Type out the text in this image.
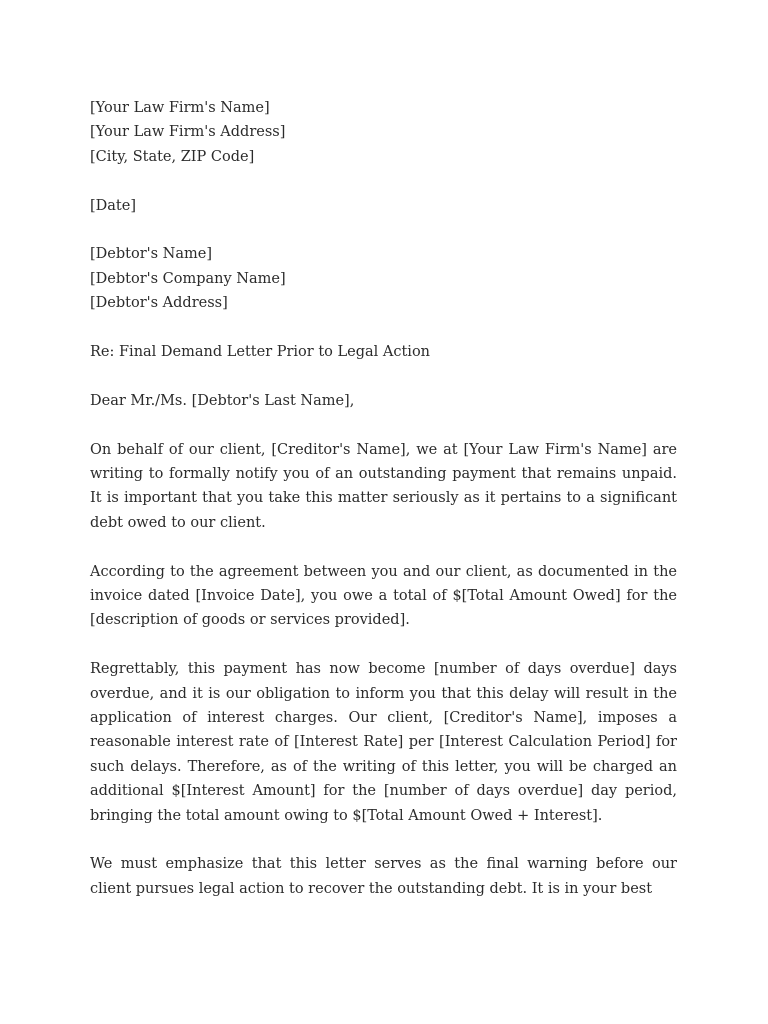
[Your Law Firm's Name]
[Your Law Firm's Address]
[City, State, ZIP Code]
[Date]
[Debtor's Name]
[Debtor's Company Name]
[Debtor's Address]
Re: Final Demand Letter Prior to Legal Action
Dear Mr./Ms. [Debtor's Last Name],

On behalf of our client, [Creditor's Name], we at [Your Law Firm's Name] are writing to formally notify you of an outstanding payment that remains unpaid. It is important that you take this matter seriously as it pertains to a significant debt owed to our client.

According to the agreement between you and our client, as documented in the invoice dated [Invoice Date], you owe a total of $[Total Amount Owed] for the [description of goods or services provided].

Regrettably, this payment has now become [number of days overdue] days overdue, and it is our obligation to inform you that this delay will result in the application of interest charges. Our client, [Creditor's Name], imposes a reasonable interest rate of [Interest Rate] per [Interest Calculation Period] for such delays. Therefore, as of the writing of this letter, you will be charged an additional $[Interest Amount] for the [number of days overdue] day period, bringing the total amount owing to $[Total Amount Owed + Interest].

We must emphasize that this letter serves as the final warning before our client pursues legal action to recover the outstanding debt. It is in your best
